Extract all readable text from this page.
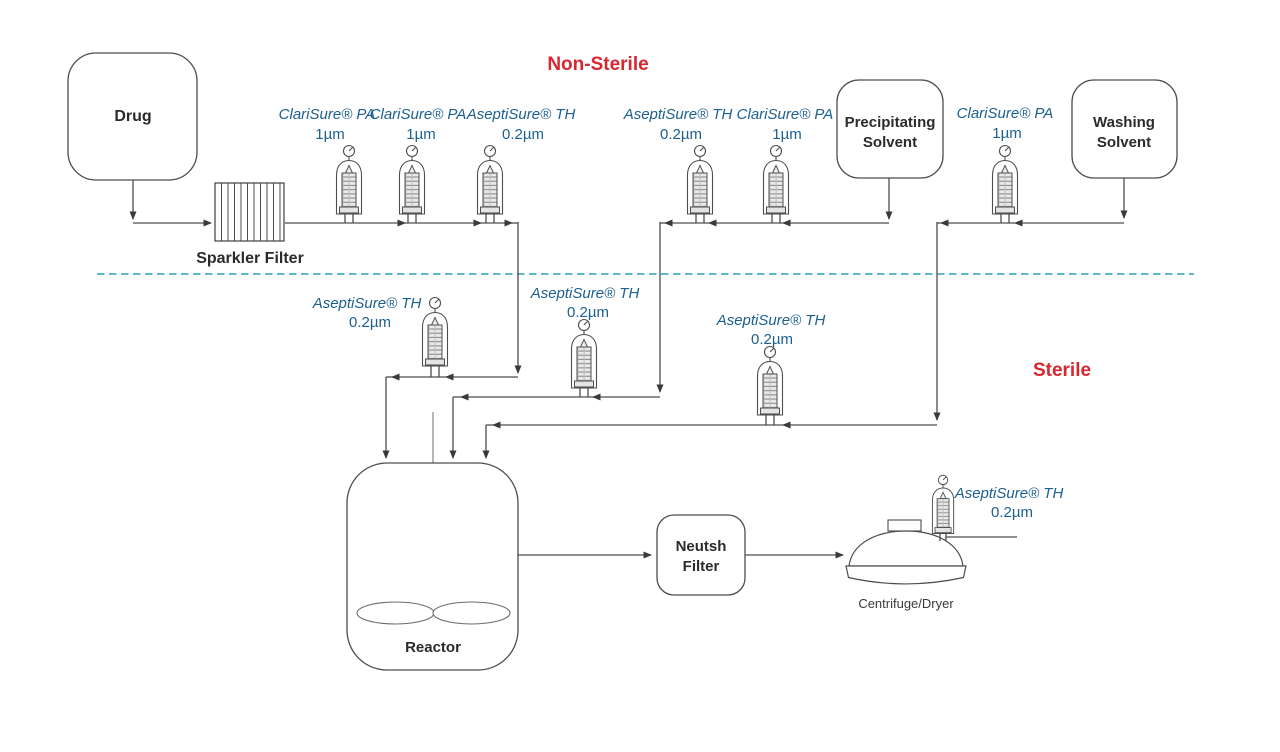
Non-Sterile
Sterile
Drug
Sparkler Filter
Precipitating
Solvent
Washing
Solvent
Reactor
Neutsh
Filter
Centrifuge/Dryer
ClariSure® PA
1µm
ClariSure® PA
1µm
AseptiSure® TH
0.2µm
AseptiSure® TH
0.2µm
ClariSure® PA
1µm
ClariSure® PA
1µm
AseptiSure® TH
0.2µm
AseptiSure® TH
0.2µm	AseptiSure® TH
0.2µm
AseptiSure® TH
0.2µm
